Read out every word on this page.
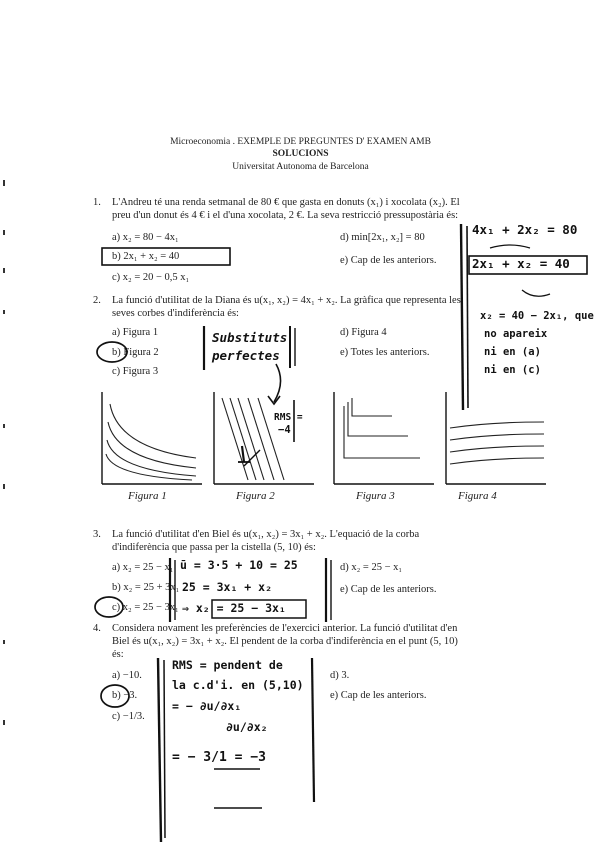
Microeconomia . EXEMPLE DE PREGUNTES D' EXAMEN AMB
SOLUCIONS
Universitat Autonoma de Barcelona
1. L'Andreu té una renda setmanal de 80 € que gasta en donuts (x₁) i xocolata (x₂). El
preu d'un donut és 4 € i el d'una xocolata, 2 €. La seva restricció pressupostària és:
a) x₂ = 80 − 4x₁
b) 2x₁ + x₂ = 40
c) x₂ = 20 − 0,5 x₁
d) min[2x₁, x₂] = 80
e) Cap de les anteriors.
4x₁ + 2x₂ = 80
2x₁ + x₂ = 40
x₂ = 40 − 2x₁, que
no apareix
ni en (a)
ni en (c)
2. La funció d'utilitat de la Diana és u(x₁, x₂) = 4x₁ + x₂. La gràfica que representa les
seves corbes d'indiferència és:
a) Figura 1
b) Figura 2
c) Figura 3
d) Figura 4
e) Totes les anteriors.
Substituts
perfectes
RMS =
−4
Figura 1	Figura 2	Figura 3	Figura 4
3. La funció d'utilitat d'en Biel és u(x₁, x₂) = 3x₁ + x₂. L'equació de la corba
d'indiferència que passa per la cistella (5, 10) és:
a) x₂ = 25 − x₁
b) x₂ = 25 + 3x₁
c) x₂ = 25 − 3x₁
d) x₂ = 25 − x₁
e) Cap de les anteriors.
ū = 3·5 + 10 = 25
25 = 3x₁ + x₂
⇒ x₂ = 25 − 3x₁
4. Considera novament les preferències de l'exercici anterior. La funció d'utilitat d'en
Biel és u(x₁, x₂) = 3x₁ + x₂. El pendent de la corba d'indiferència en el punt (5, 10)
és:
a) −10.
b) −3.
c) −1/3.
d) 3.
e) Cap de les anteriors.
RMS = pendent de
la c.d'i. en (5,10)
= − ∂u/∂x₁
∂u/∂x₂
= − 3/1 = −3
